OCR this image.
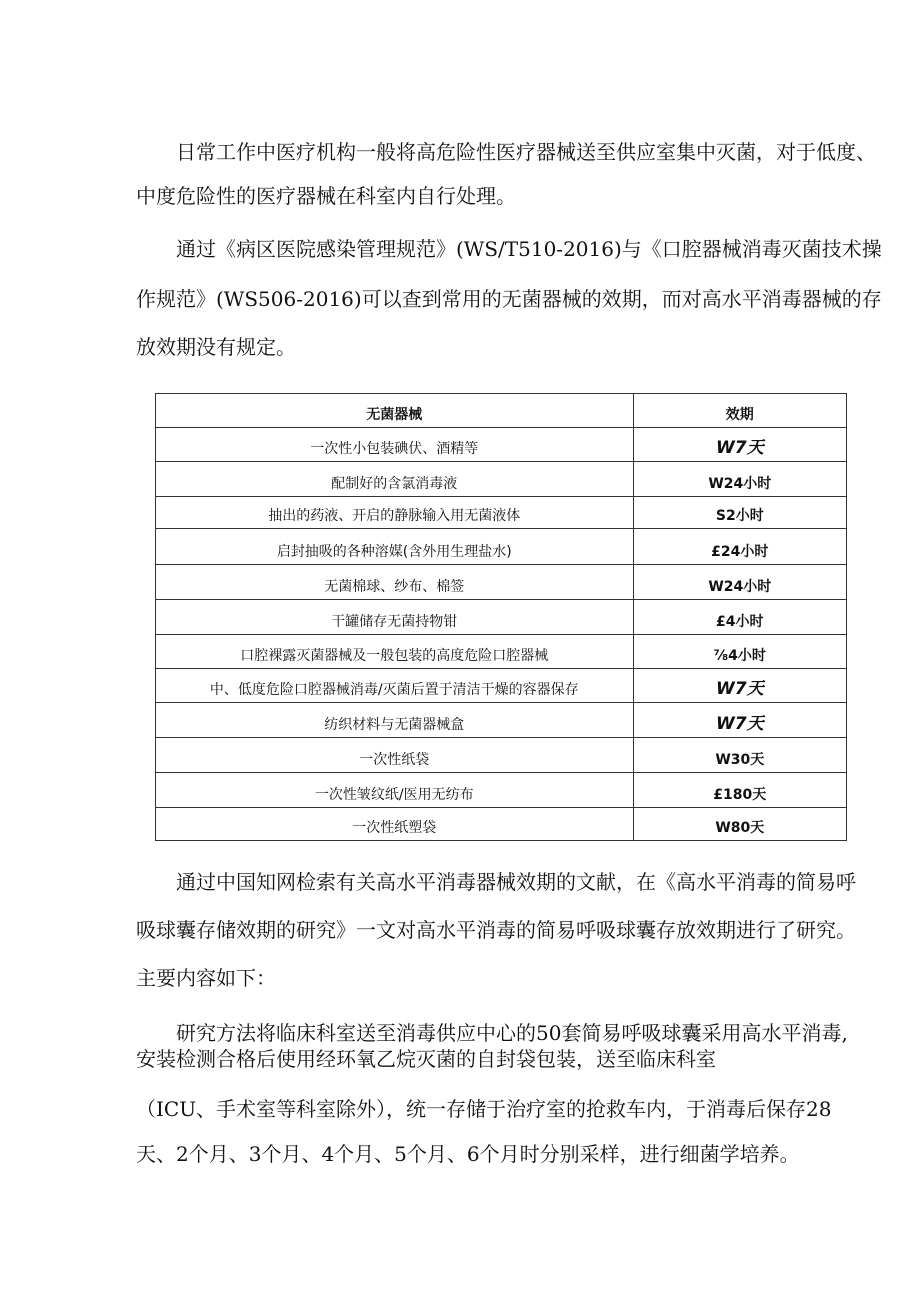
日常工作中医疗机构一般将高危险性医疗器械送至供应室集中灭菌，对于低度、
中度危险性的医疗器械在科室内自行处理。
通过《病区医院感染管理规范》(WS/T510-2016)与《口腔器械消毒灭菌技术操
作规范》(WS506-2016)可以查到常用的无菌器械的效期，而对高水平消毒器械的存
放效期没有规定。
无菌器械	效期
一次性小包装碘伏、酒精等	W7天
配制好的含氯消毒液	W24小时
抽出的药液、开启的静脉输入用无菌液体	S2小时
启封抽吸的各种溶媒(含外用生理盐水)	£24小时
无菌棉球、纱布、棉签	W24小时
干罐储存无菌持物钳	£4小时
口腔裸露灭菌器械及一般包装的高度危险口腔器械	⅞4小时
中、低度危险口腔器械消毒/灭菌后置于清洁干燥的容器保存	W7天
纺织材料与无菌器械盒	W7天
一次性纸袋	W30天
一次性皱纹纸/医用无纺布	£180天
一次性纸塑袋	W80天
通过中国知网检索有关高水平消毒器械效期的文献，在《高水平消毒的简易呼
吸球囊存储效期的研究》一文对高水平消毒的简易呼吸球囊存放效期进行了研究。
主要内容如下：
研究方法将临床科室送至消毒供应中心的50套简易呼吸球囊采用高水平消毒,
安装检测合格后使用经环氧乙烷灭菌的自封袋包装，送至临床科室
（ICU、手术室等科室除外），统一存储于治疗室的抢救车内，于消毒后保存28
天、2个月、3个月、4个月、5个月、6个月时分别采样，进行细菌学培养。
